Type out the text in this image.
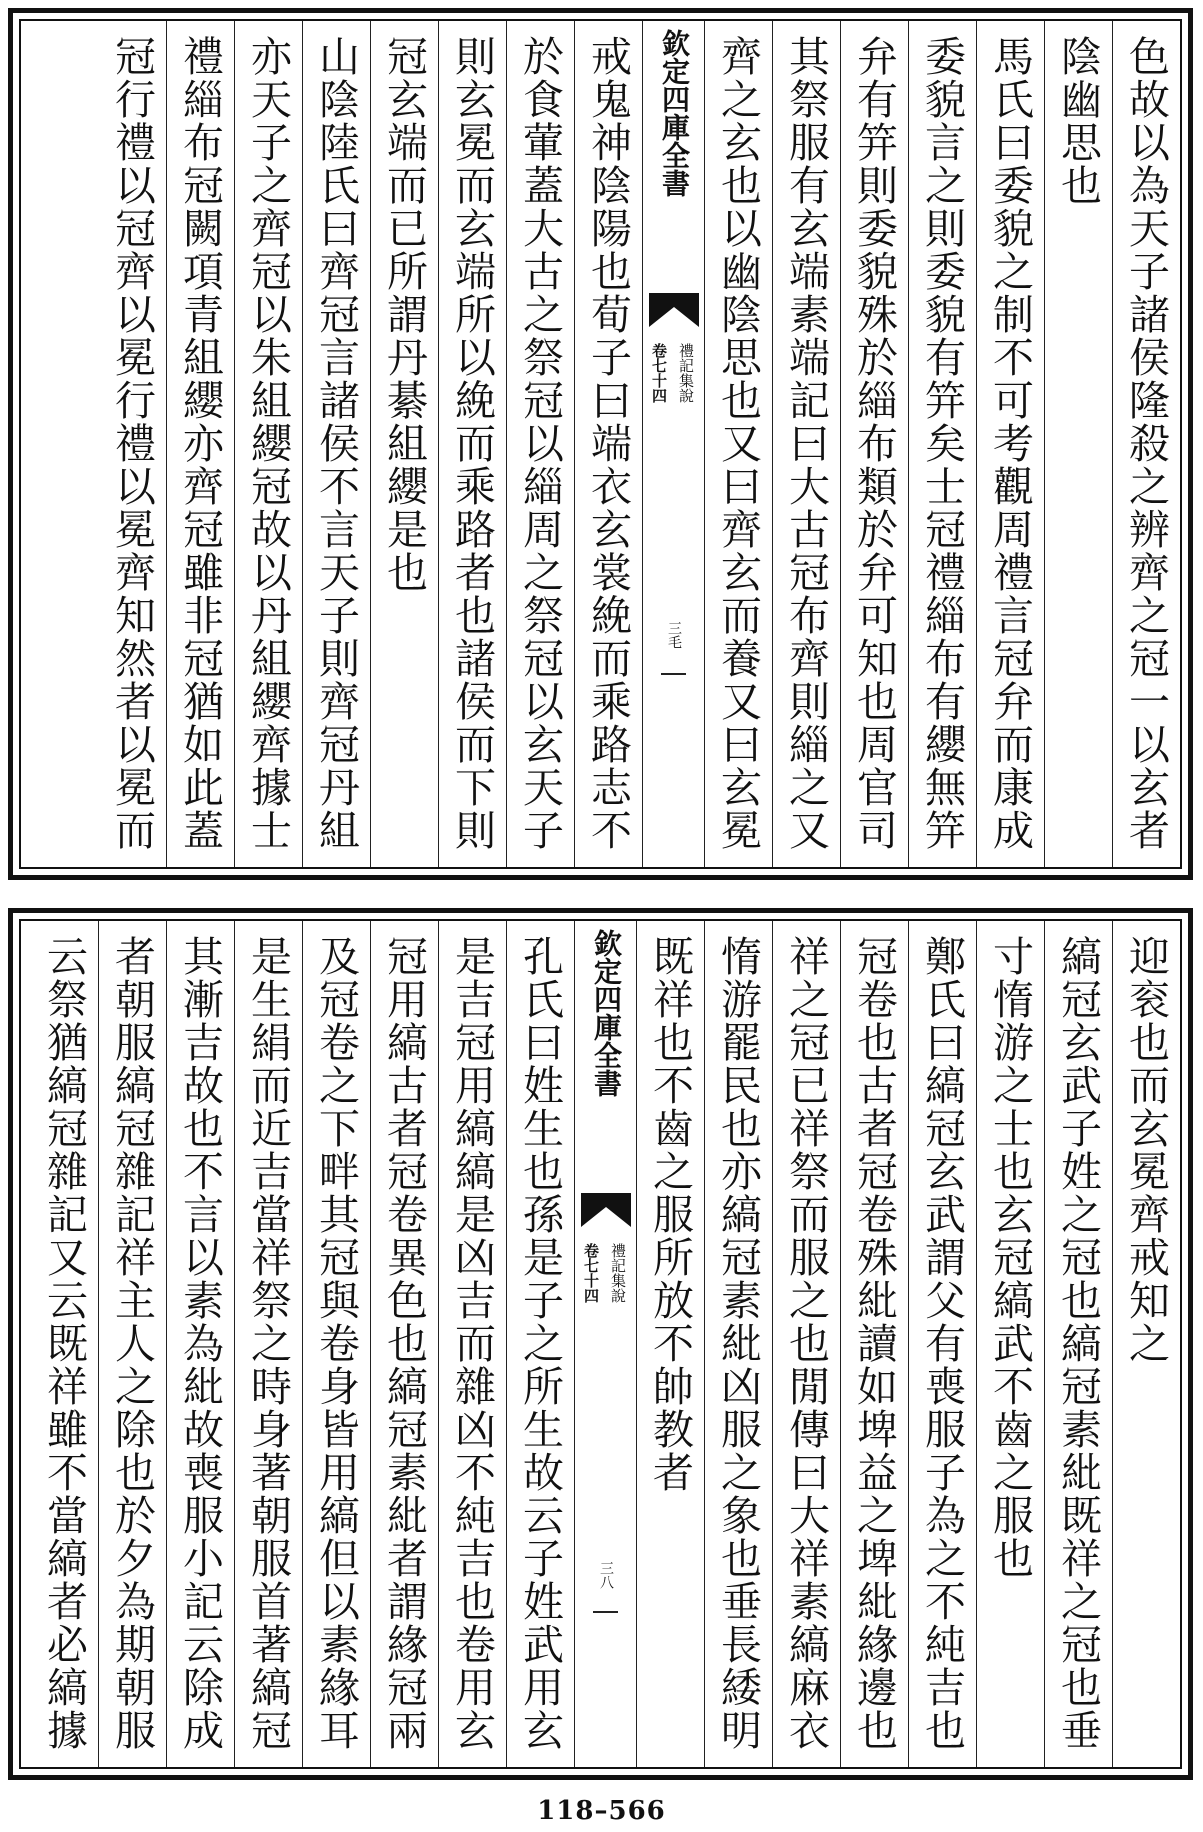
色故以為天子諸侯隆殺之辨齊之冠一以玄者
陰幽思也
馬氏曰委貌之制不可考觀周禮言冠弁而康成
委貌言之則委貌有笄矣士冠禮緇布有纓無笄
弁有笄則委貌殊於緇布類於弁可知也周官司
其祭服有玄端素端記曰大古冠布齊則緇之又
齊之玄也以幽陰思也又曰齊玄而養又曰玄冕
欽定四庫全書
禮記集說
卷七十四
三毛
戒鬼神陰陽也荀子曰端衣玄裳絻而乘路志不
於食葷蓋大古之祭冠以緇周之祭冠以玄天子
則玄冕而玄端所以絻而乘路者也諸侯而下則
冠玄端而已所謂丹綦組纓是也
山陰陸氏曰齊冠言諸侯不言天子則齊冠丹組
亦天子之齊冠以朱組纓冠故以丹組纓齊據士
禮緇布冠闕項青組纓亦齊冠雖非冠猶如此蓋
冠行禮以冠齊以冕行禮以冕齊知然者以冕而
迎衮也而玄冕齊戒知之
縞冠玄武子姓之冠也縞冠素紕既祥之冠也垂
寸惰游之士也玄冠縞武不齒之服也
鄭氏曰縞冠玄武謂父有喪服子為之不純吉也
冠卷也古者冠卷殊紕讀如埤益之埤紕緣邊也
祥之冠已祥祭而服之也閒傳曰大祥素縞麻衣
惰游罷民也亦縞冠素紕凶服之象也垂長緌明
既祥也不齒之服所放不帥教者
欽定四庫全書
禮記集說
卷七十四
三八
孔氏曰姓生也孫是子之所生故云子姓武用玄
是吉冠用縞縞是凶吉而雜凶不純吉也卷用玄
冠用縞古者冠卷異色也縞冠素紕者謂緣冠兩
及冠卷之下畔其冠與卷身皆用縞但以素緣耳
是生絹而近吉當祥祭之時身著朝服首著縞冠
其漸吉故也不言以素為紕故喪服小記云除成
者朝服縞冠雜記祥主人之除也於夕為期朝服
云祭猶縞冠雜記又云既祥雖不當縞者必縞據
118–566
